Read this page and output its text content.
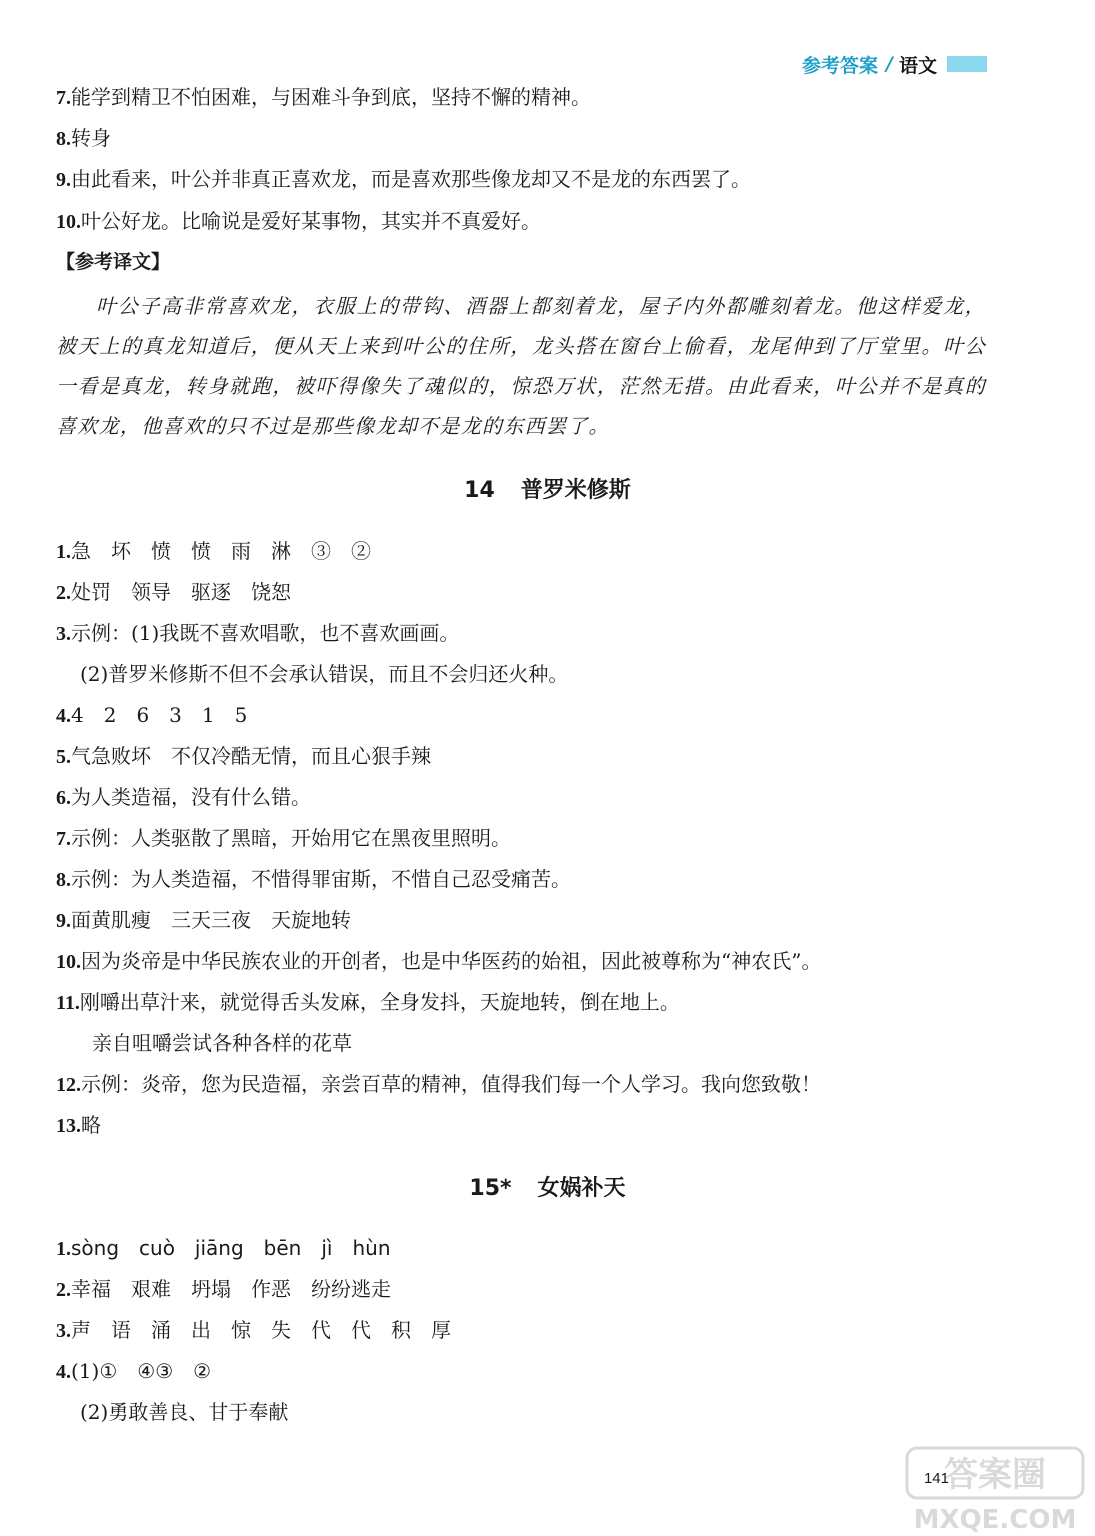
参考答案 / 语文
7.能学到精卫不怕困难，与困难斗争到底，坚持不懈的精神。
8.转身
9.由此看来，叶公并非真正喜欢龙，而是喜欢那些像龙却又不是龙的东西罢了。
10.叶公好龙。比喻说是爱好某事物，其实并不真爱好。
【参考译文】
叶公子高非常喜欢龙，衣服上的带钩、酒器上都刻着龙，屋子内外都雕刻着龙。他这样爱龙，被天上的真龙知道后，便从天上来到叶公的住所，龙头搭在窗台上偷看，龙尾伸到了厅堂里。叶公一看是真龙，转身就跑，被吓得像失了魂似的，惊恐万状，茫然无措。由此看来，叶公并不是真的喜欢龙，他喜欢的只不过是那些像龙却不是龙的东西罢了。
14 普罗米修斯
1.急　坏　愤　愤　雨　淋　③　②
2.处罚　领导　驱逐　饶恕
3.示例：(1)我既不喜欢唱歌，也不喜欢画画。
(2)普罗米修斯不但不会承认错误，而且不会归还火种。
4.4　2　6　3　1　5
5.气急败坏　不仅冷酷无情，而且心狠手辣
6.为人类造福，没有什么错。
7.示例：人类驱散了黑暗，开始用它在黑夜里照明。
8.示例：为人类造福，不惜得罪宙斯，不惜自己忍受痛苦。
9.面黄肌瘦　三天三夜　天旋地转
10.因为炎帝是中华民族农业的开创者，也是中华医药的始祖，因此被尊称为“神农氏”。
11.刚嚼出草汁来，就觉得舌头发麻，全身发抖，天旋地转，倒在地上。
亲自咀嚼尝试各种各样的花草
12.示例：炎帝，您为民造福，亲尝百草的精神，值得我们每一个人学习。我向您致敬！
13.略
15* 女娲补天
1.sòng　cuò　jiāng　bēn　jì　hùn
2.幸福　艰难　坍塌　作恶　纷纷逃走
3.声　语　涌　出　惊　失　代　代　积　厚
4.(1)①　④③　②
(2)勇敢善良、甘于奉献
141
答案圈
MXQE.COM
